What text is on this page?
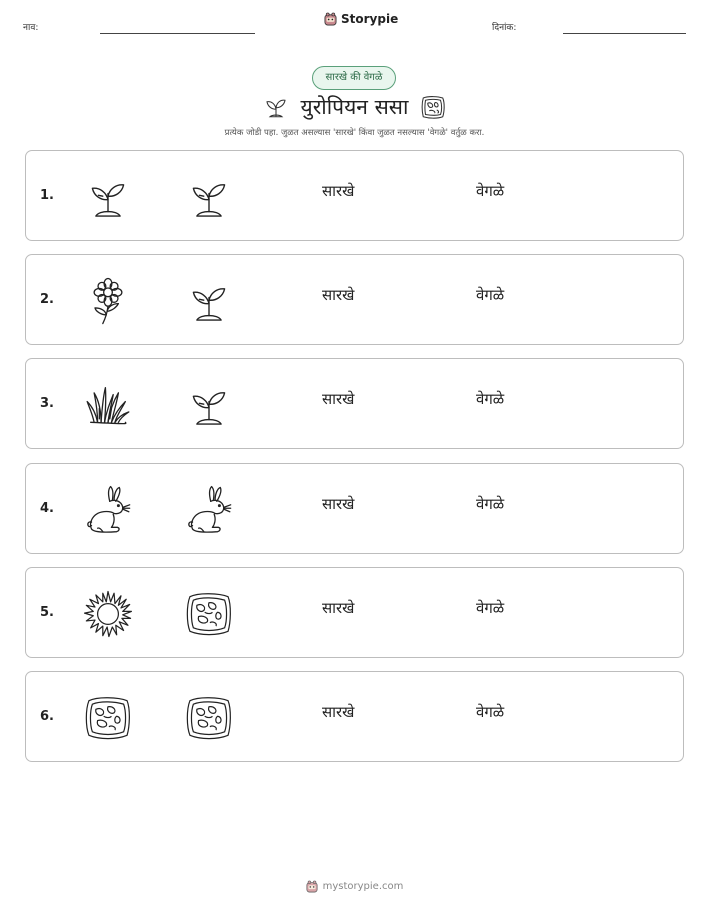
नाव:
Storypie
दिनांक:
सारखे की वेगळे
युरोपियन ससा
प्रत्येक जोडी पहा. जुळत असल्यास 'सारखे' किंवा जुळत नसल्यास 'वेगळे' वर्तुळ करा.
1.	सारखे	वेगळे
2.	सारखे	वेगळे
3.	सारखे	वेगळे
4.	सारखे	वेगळे
5.	सारखे	वेगळे
6.	सारखे	वेगळे
mystorypie.com
